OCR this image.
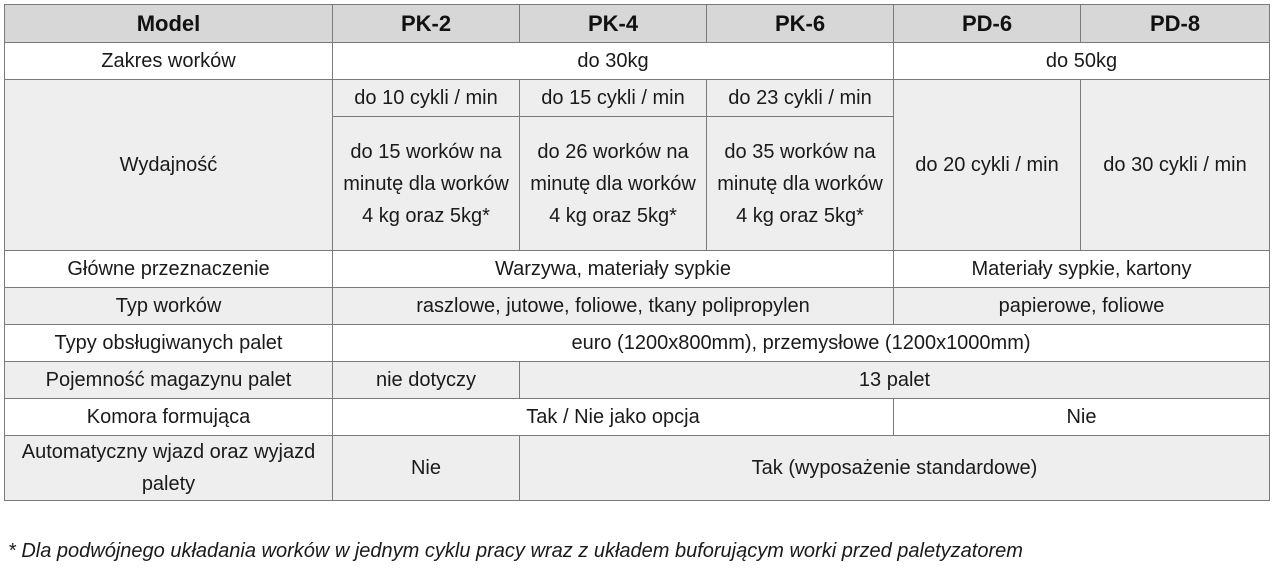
Model	PK-2	PK-4	PK-6	PD-6	PD-8
Zakres worków	do 30kg			do 50kg	
Wydajność	do 10 cykli / min	do 15 cykli / min	do 23 cykli / min	do 20 cykli / min	do 30 cykli / min
	do 15 worków na minutę dla worków 4 kg oraz 5kg*	do 26 worków na minutę dla worków 4 kg oraz 5kg*	do 35 worków na minutę dla worków 4 kg oraz 5kg*		
Główne przeznaczenie	Warzywa, materiały sypkie			Materiały sypkie, kartony	
Typ worków	raszlowe, jutowe, foliowe, tkany polipropylen			papierowe, foliowe	
Typy obsługiwanych palet	euro (1200x800mm), przemysłowe (1200x1000mm)				
Pojemność magazynu palet	nie dotyczy	13 palet			
Komora formująca	Tak / Nie jako opcja			Nie	
Automatyczny wjazd oraz wyjazd palety	Nie	Tak (wyposażenie standardowe)			
* Dla podwójnego układania worków w jednym cyklu pracy wraz z układem buforującym worki przed paletyzatorem
